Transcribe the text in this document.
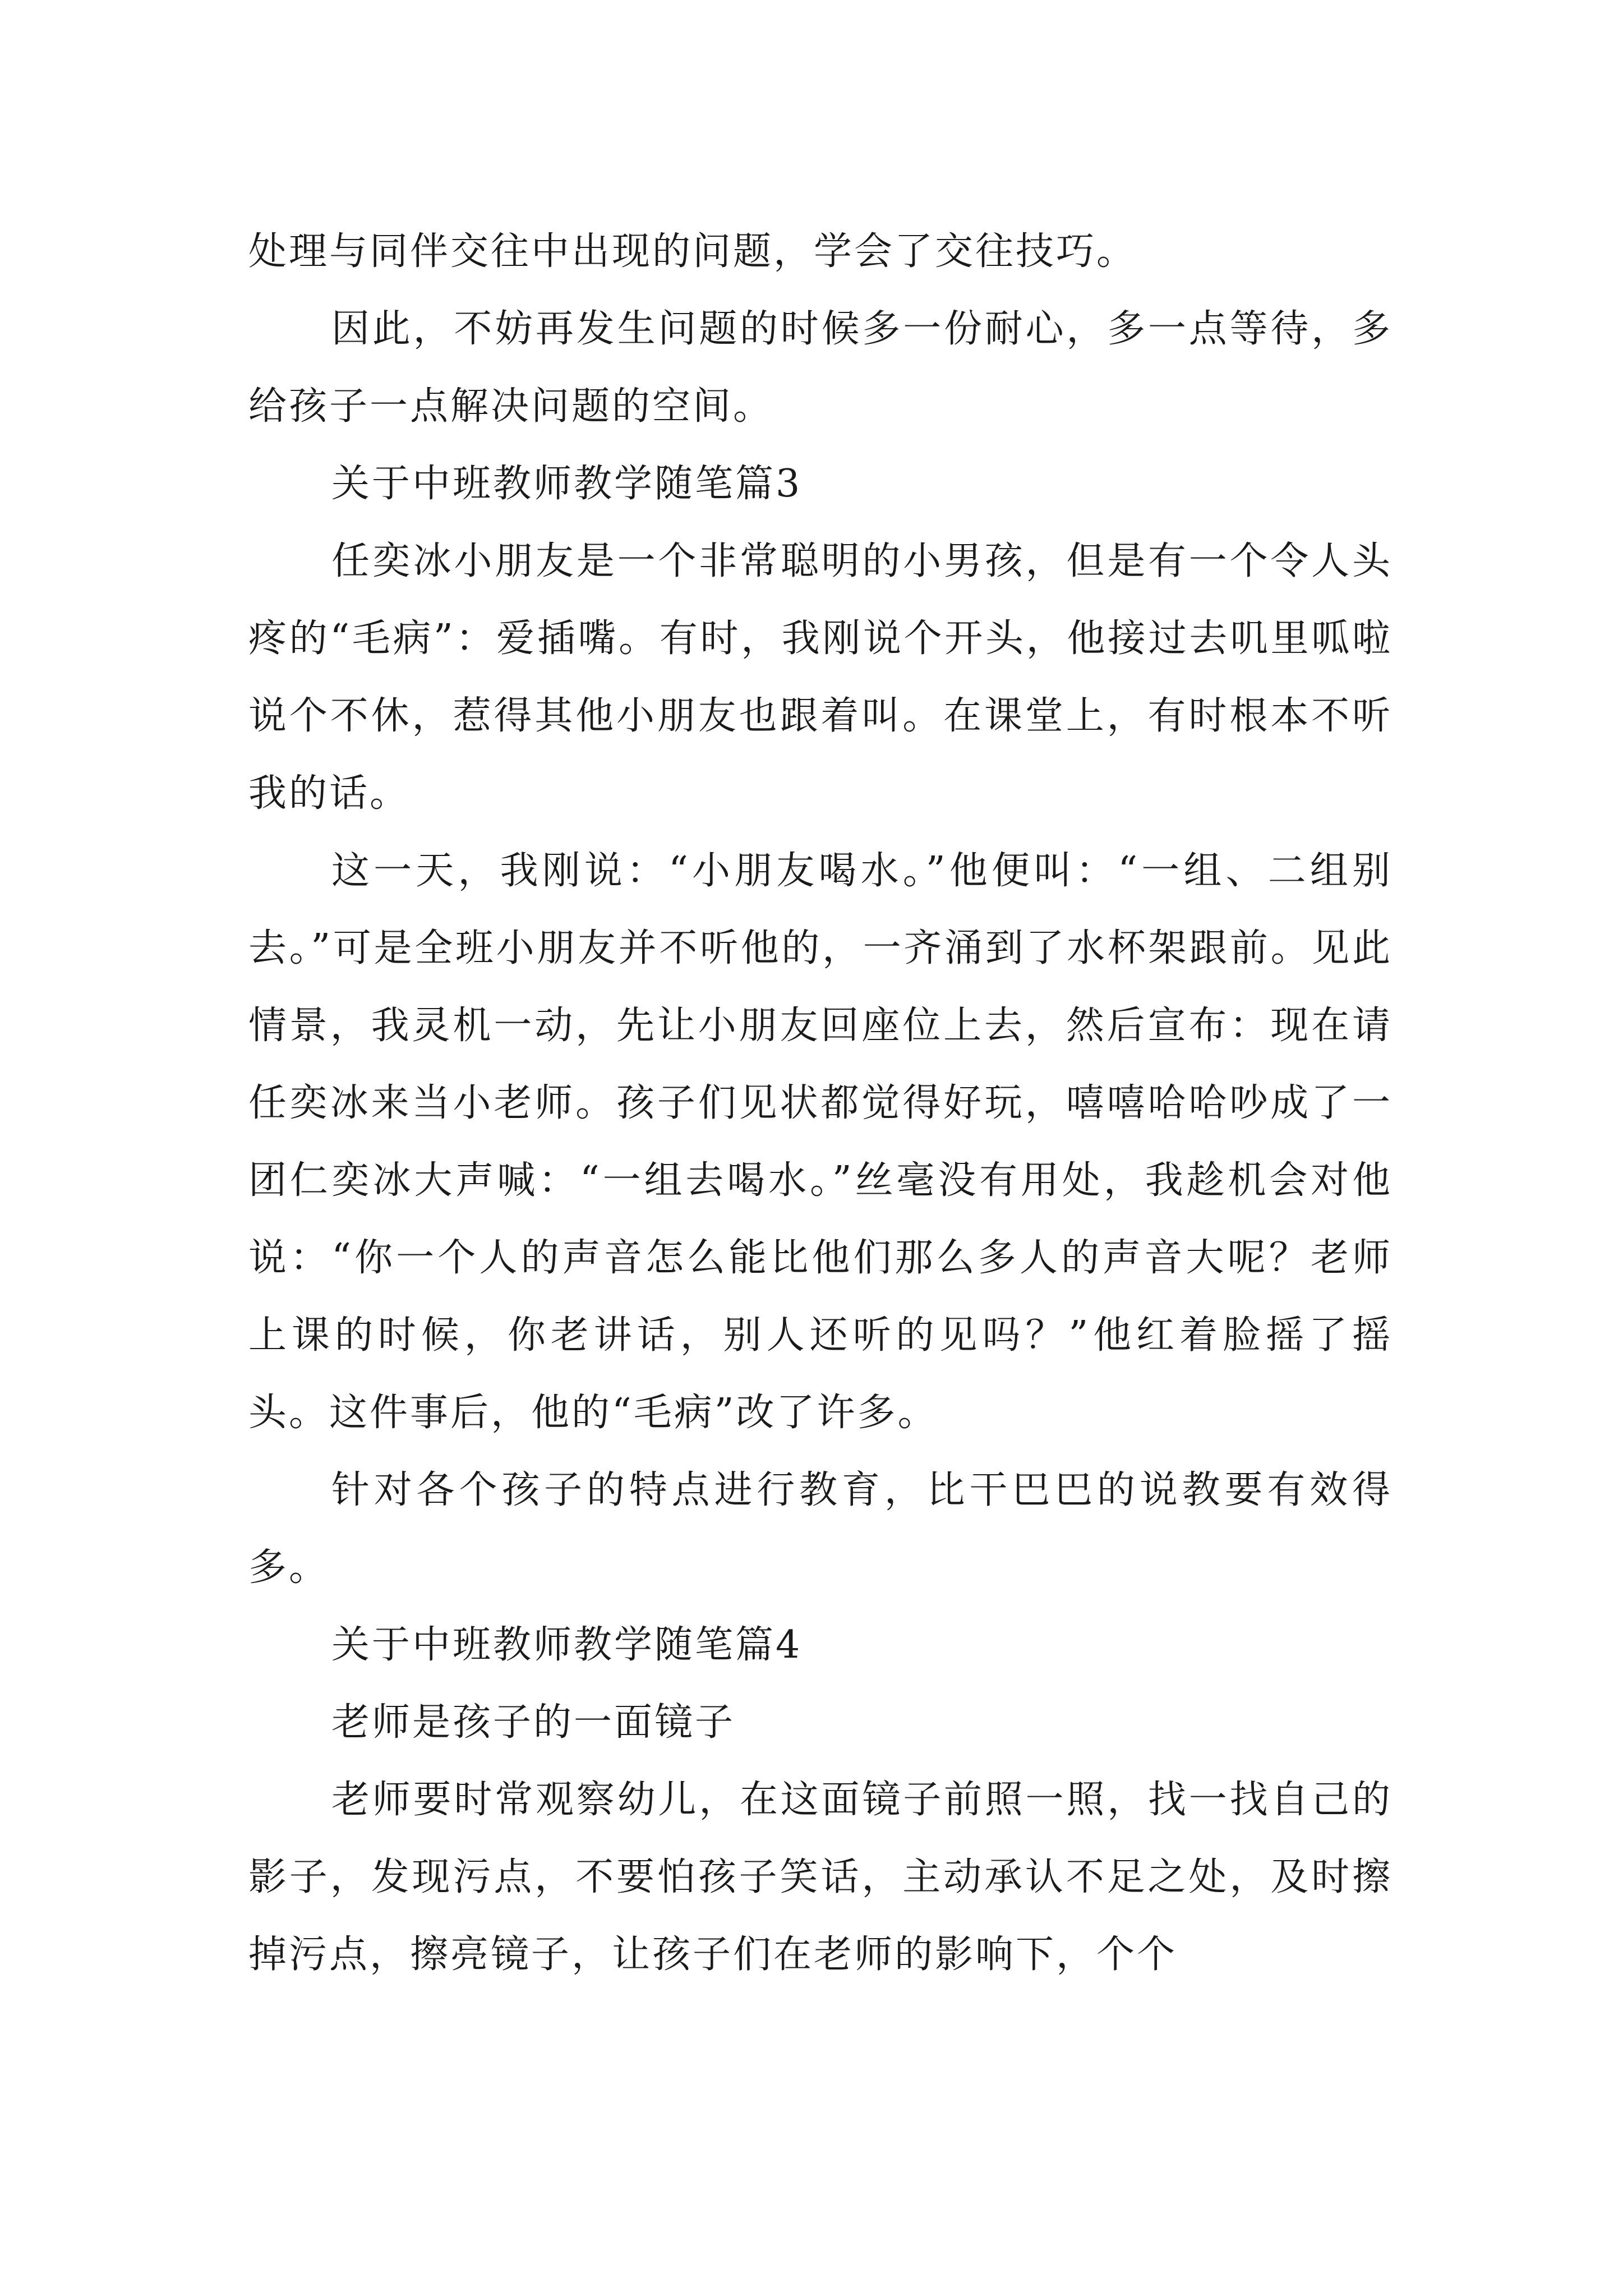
处理与同伴交往中出现的问题，学会了交往技巧。

因此，不妨再发生问题的时候多一份耐心，多一点等待，多给孩子一点解决问题的空间。

关于中班教师教学随笔篇3

任奕冰小朋友是一个非常聪明的小男孩，但是有一个令人头疼的“毛病”：爱插嘴。有时，我刚说个开头，他接过去叽里呱啦说个不休，惹得其他小朋友也跟着叫。在课堂上，有时根本不听我的话。

这一天，我刚说：“小朋友喝水。”他便叫：“一组、二组别去。”可是全班小朋友并不听他的，一齐涌到了水杯架跟前。见此情景，我灵机一动，先让小朋友回座位上去，然后宣布：现在请任奕冰来当小老师。孩子们见状都觉得好玩，嘻嘻哈哈吵成了一团仁奕冰大声喊：“一组去喝水。”丝毫没有用处，我趁机会对他说：“你一个人的声音怎么能比他们那么多人的声音大呢？老师上课的时候，你老讲话，别人还听的见吗？”他红着脸摇了摇头。这件事后，他的“毛病”改了许多。

针对各个孩子的特点进行教育，比干巴巴的说教要有效得多。

关于中班教师教学随笔篇4

老师是孩子的一面镜子

老师要时常观察幼儿，在这面镜子前照一照，找一找自己的影子，发现污点，不要怕孩子笑话，主动承认不足之处，及时擦掉污点，擦亮镜子，让孩子们在老师的影响下，个个
